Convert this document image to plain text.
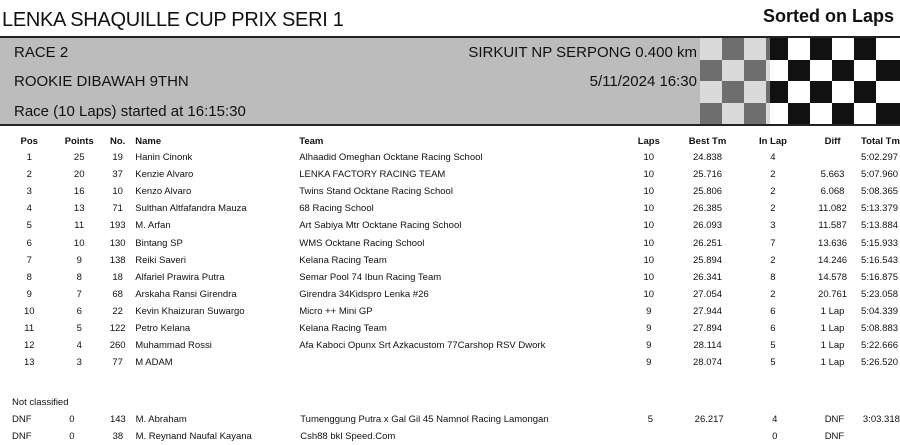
LENKA SHAQUILLE CUP PRIX SERI 1	Sorted on Laps
RACE 2
ROOKIE DIBAWAH 9THN
Race (10 Laps) started at 16:15:30
SIRKUIT NP SERPONG 0.400 km
5/11/2024 16:30
Pos	Points	No.	Name	Team	Laps	Best Tm	In Lap	Diff	Total Tm
1	25	19	Hanin Cinonk	Alhaadid Omeghan Ocktane Racing School	10	24.838	4		5:02.297
2	20	37	Kenzie Alvaro	LENKA FACTORY RACING TEAM	10	25.716	2	5.663	5:07.960
3	16	10	Kenzo Alvaro	Twins Stand Ocktane Racing School	10	25.806	2	6.068	5:08.365
4	13	71	Sulthan Altfafandra Mauza	68 Racing School	10	26.385	2	11.082	5:13.379
5	11	193	M. Arfan	Art Sabiya Mtr Ocktane Racing School	10	26.093	3	11.587	5:13.884
6	10	130	Bintang SP	WMS Ocktane Racing School	10	26.251	7	13.636	5:15.933
7	9	138	Reiki Saveri	Kelana Racing Team	10	25.894	2	14.246	5:16.543
8	8	18	Alfariel Prawira Putra	Semar Pool 74 Ibun Racing Team	10	26.341	8	14.578	5:16.875
9	7	68	Arskaha Ransi Girendra	Girendra 34Kidspro Lenka #26	10	27.054	2	20.761	5:23.058
10	6	22	Kevin Khaizuran Suwargo	Micro ++ Mini GP	9	27.944	6	1 Lap	5:04.339
11	5	122	Petro Kelana	Kelana Racing Team	9	27.894	6	1 Lap	5:08.883
12	4	260	Muhammad Rossi	Afa Kaboci Opunx Srt Azkacustom 77Carshop RSV Dwork	9	28.114	5	1 Lap	5:22.666
13	3	77	M ADAM		9	28.074	5	1 Lap	5:26.520
Not classified
DNF	0	143	M. Abraham	Tumenggung Putra x Gal Gil 45 Namnol Racing Lamongan	5	26.217	4	DNF	3:03.318
DNF	0	38	M. Reynand Naufal Kayana	Csh88 bkl Speed.Com			0	DNF	
